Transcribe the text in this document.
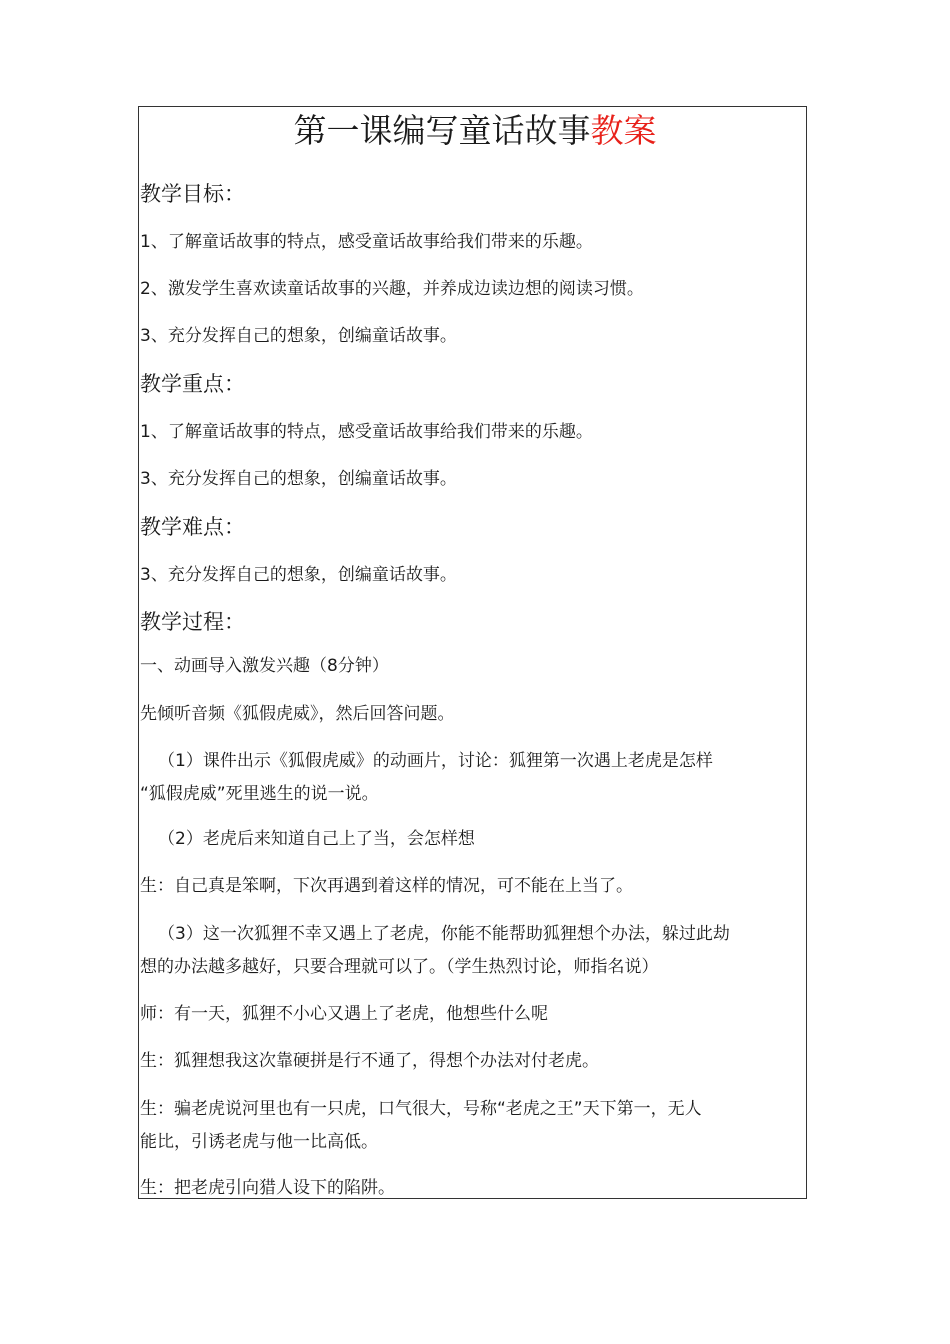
第一课编写童话故事教案
教学目标：
1、了解童话故事的特点，感受童话故事给我们带来的乐趣。
2、激发学生喜欢读童话故事的兴趣，并养成边读边想的阅读习惯。
3、充分发挥自己的想象，创编童话故事。
教学重点：
1、了解童话故事的特点，感受童话故事给我们带来的乐趣。
3、充分发挥自己的想象，创编童话故事。
教学难点：
3、充分发挥自己的想象，创编童话故事。
教学过程：
一、动画导入激发兴趣（8分钟）
先倾听音频《狐假虎威》，然后回答问题。
（1）课件出示《狐假虎威》的动画片，讨论：狐狸第一次遇上老虎是怎样
“狐假虎威”死里逃生的说一说。
（2）老虎后来知道自己上了当，会怎样想
生：自己真是笨啊，下次再遇到着这样的情况，可不能在上当了。
（3）这一次狐狸不幸又遇上了老虎，你能不能帮助狐狸想个办法，躲过此劫
想的办法越多越好，只要合理就可以了。（学生热烈讨论，师指名说）
师：有一天，狐狸不小心又遇上了老虎，他想些什么呢
生：狐狸想我这次靠硬拼是行不通了，得想个办法对付老虎。
生：骗老虎说河里也有一只虎，口气很大，号称“老虎之王”天下第一，无人
能比，引诱老虎与他一比高低。
生：把老虎引向猎人设下的陷阱。
